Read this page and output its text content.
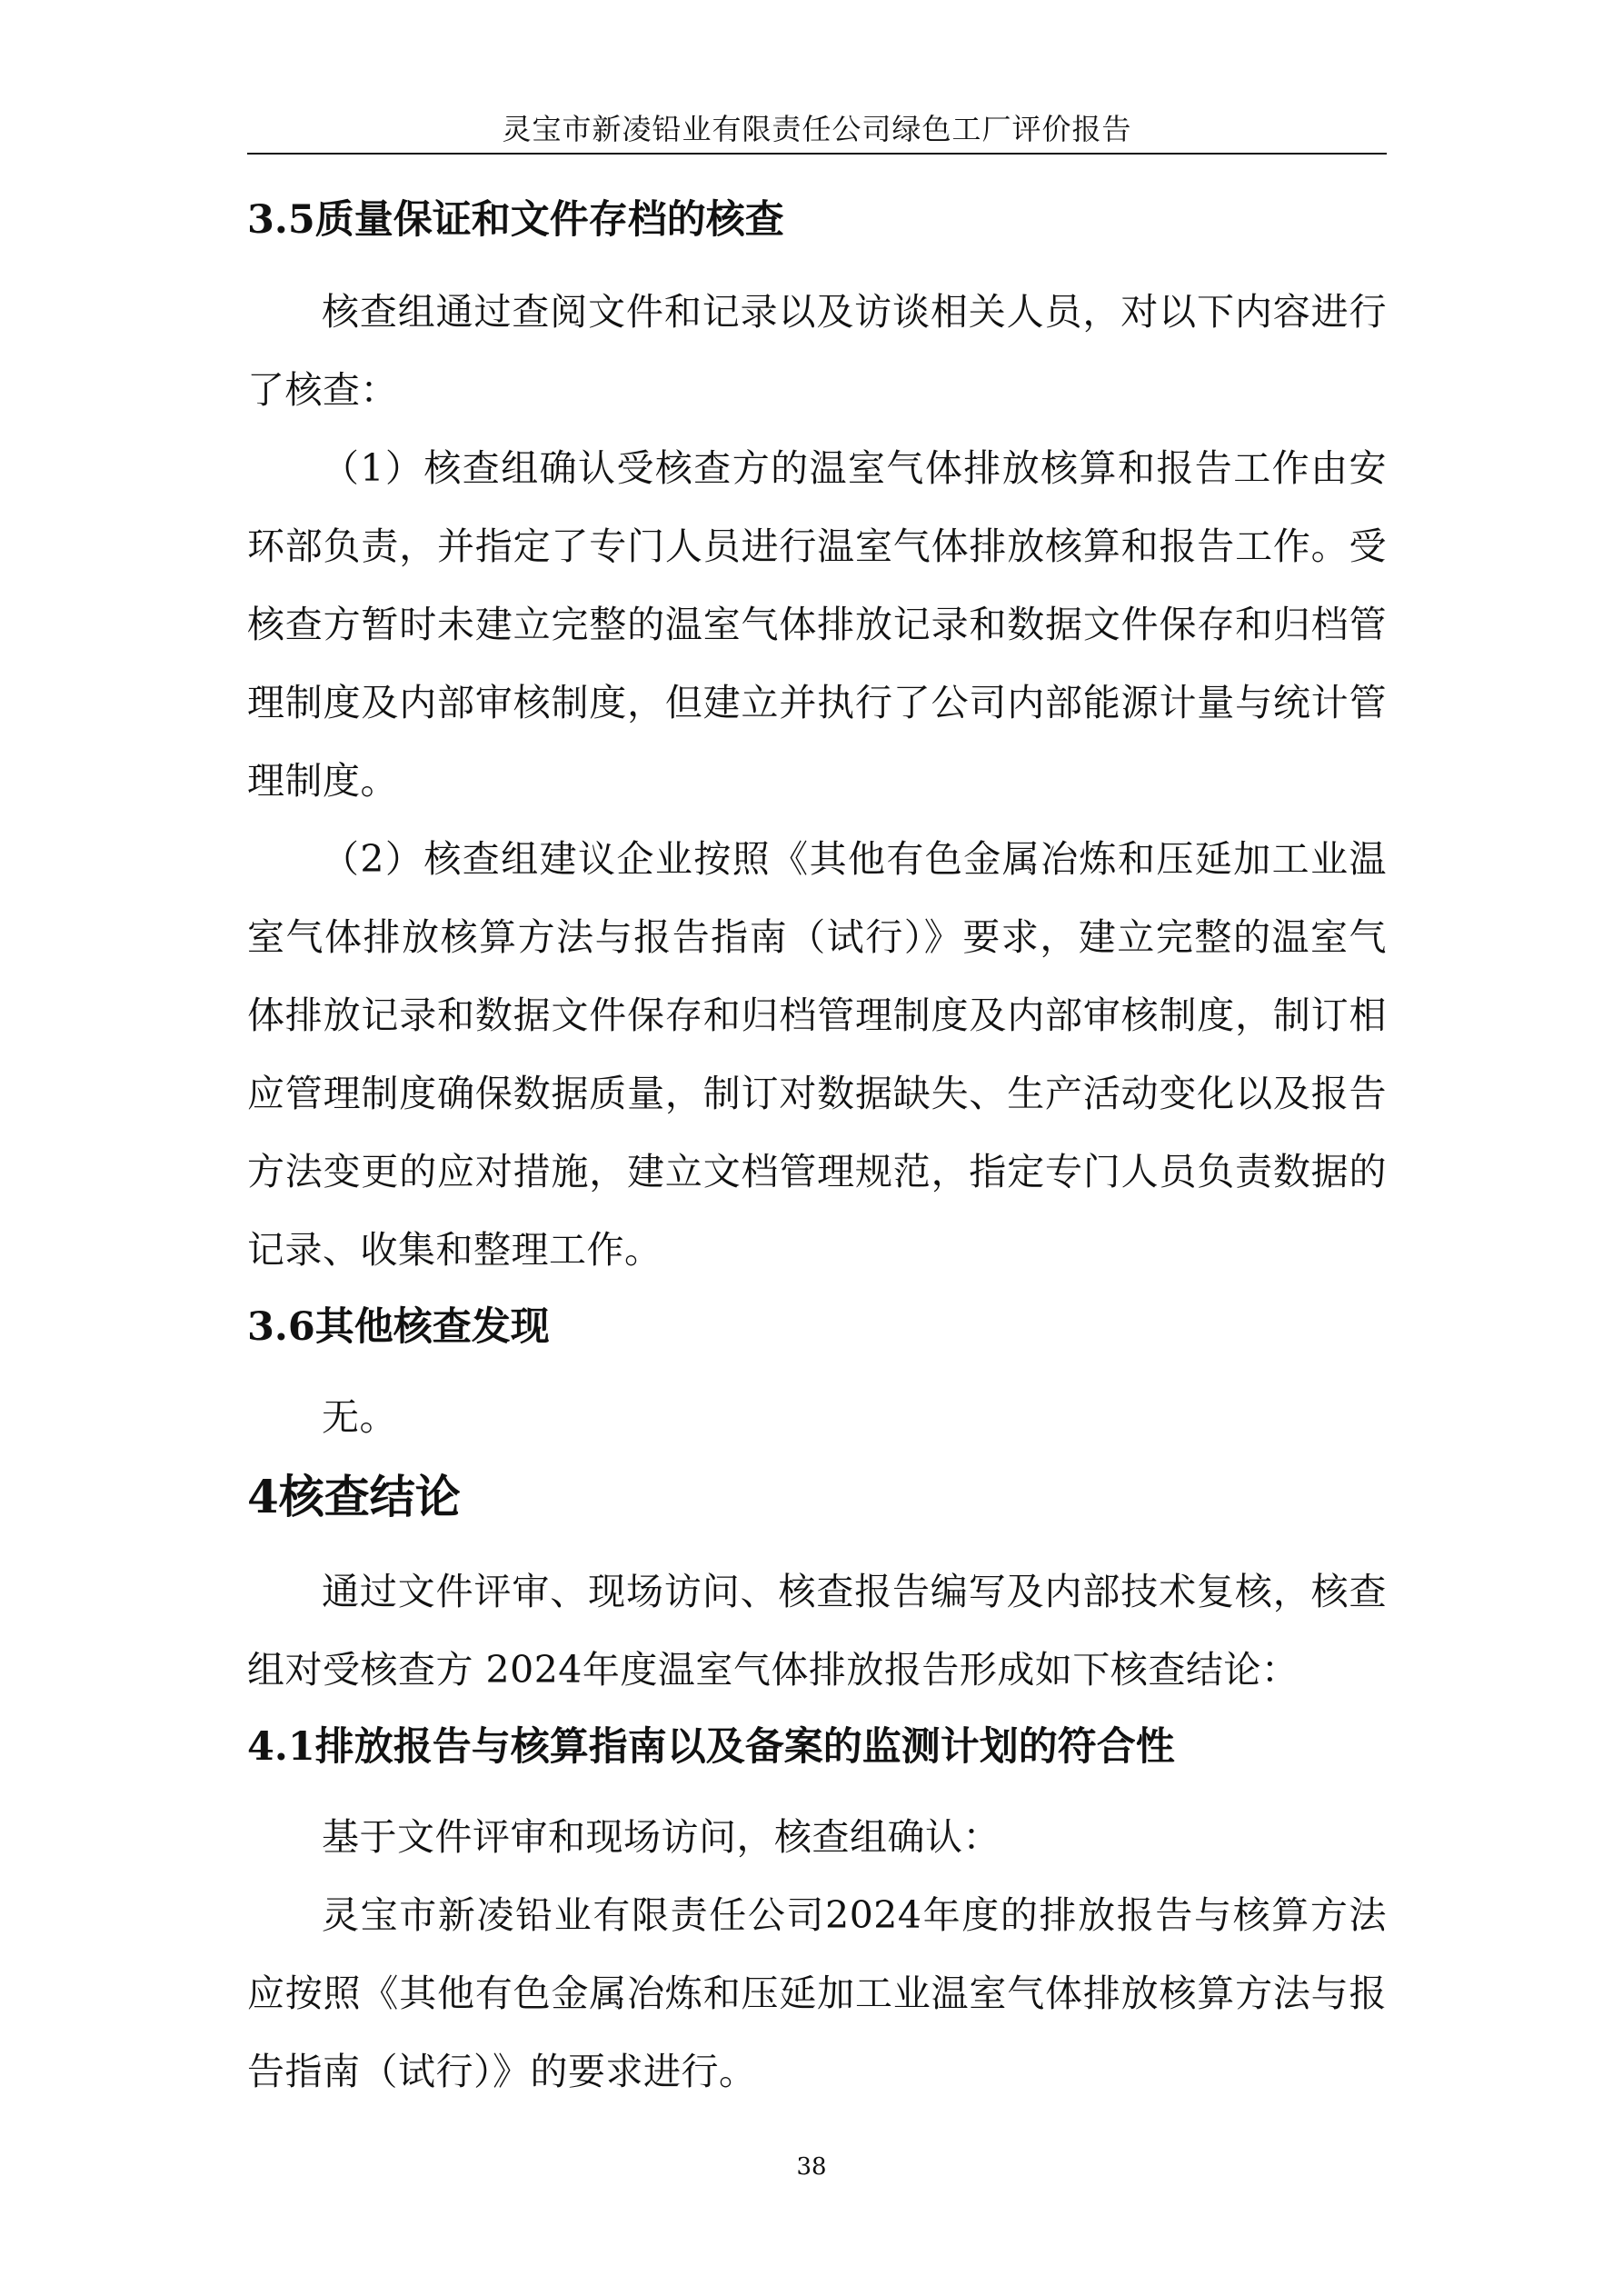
灵宝市新凌铅业有限责任公司绿色工厂评价报告
3.5质量保证和文件存档的核查

核查组通过查阅文件和记录以及访谈相关人员，对以下内容进行了核查：

（1）核查组确认受核查方的温室气体排放核算和报告工作由安环部负责，并指定了专门人员进行温室气体排放核算和报告工作。受核查方暂时未建立完整的温室气体排放记录和数据文件保存和归档管理制度及内部审核制度，但建立并执行了公司内部能源计量与统计管理制度。

（2）核查组建议企业按照《其他有色金属冶炼和压延加工业温室气体排放核算方法与报告指南（试行）》要求，建立完整的温室气体排放记录和数据文件保存和归档管理制度及内部审核制度，制订相应管理制度确保数据质量，制订对数据缺失、生产活动变化以及报告方法变更的应对措施，建立文档管理规范，指定专门人员负责数据的记录、收集和整理工作。

3.6其他核查发现

无。

4核查结论

通过文件评审、现场访问、核查报告编写及内部技术复核，核查组对受核查方 2024年度温室气体排放报告形成如下核查结论：

4.1排放报告与核算指南以及备案的监测计划的符合性

基于文件评审和现场访问，核查组确认：

灵宝市新凌铅业有限责任公司2024年度的排放报告与核算方法应按照《其他有色金属冶炼和压延加工业温室气体排放核算方法与报告指南（试行）》的要求进行。

38
